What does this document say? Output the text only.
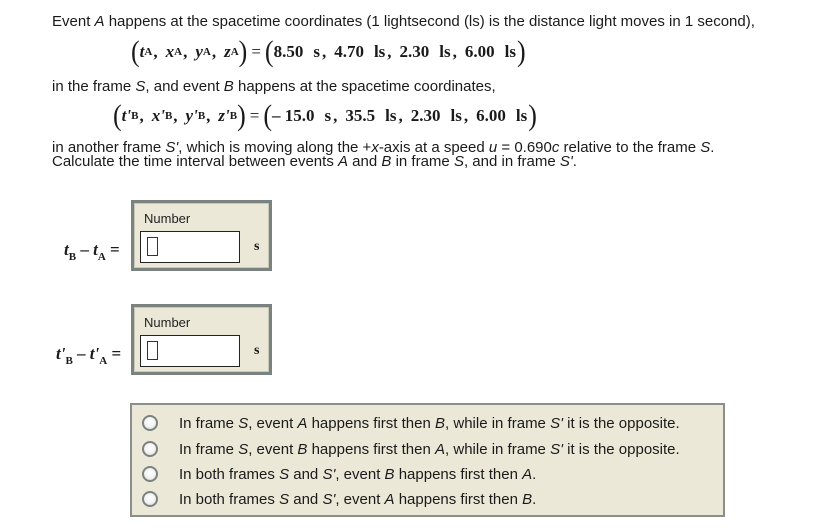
Event A happens at the spacetime coordinates (1 lightsecond (ls) is the distance light moves in 1 second),
( t A , x A , y A , z A ) = ( 8.50 s , 4.70 ls , 2.30 ls , 6.00 ls )
in the frame S, and event B happens at the spacetime coordinates,
( t' B , x' B , y' B , z' B ) = ( – 15.0 s , 35.5 ls , 2.30 ls , 6.00 ls )
in another frame S', which is moving along the +x-axis at a speed u = 0.690c relative to the frame S.
Calculate the time interval between events A and B in frame S, and in frame S'.
$t_B - t_A$ =
Number
s
$t'_B - t'_A$ =
Number
s
In frame S, event A happens first then B, while in frame S' it is the opposite.
In frame S, event B happens first then A, while in frame S' it is the opposite.
In both frames S and S', event B happens first then A.
In both frames S and S', event A happens first then B.
